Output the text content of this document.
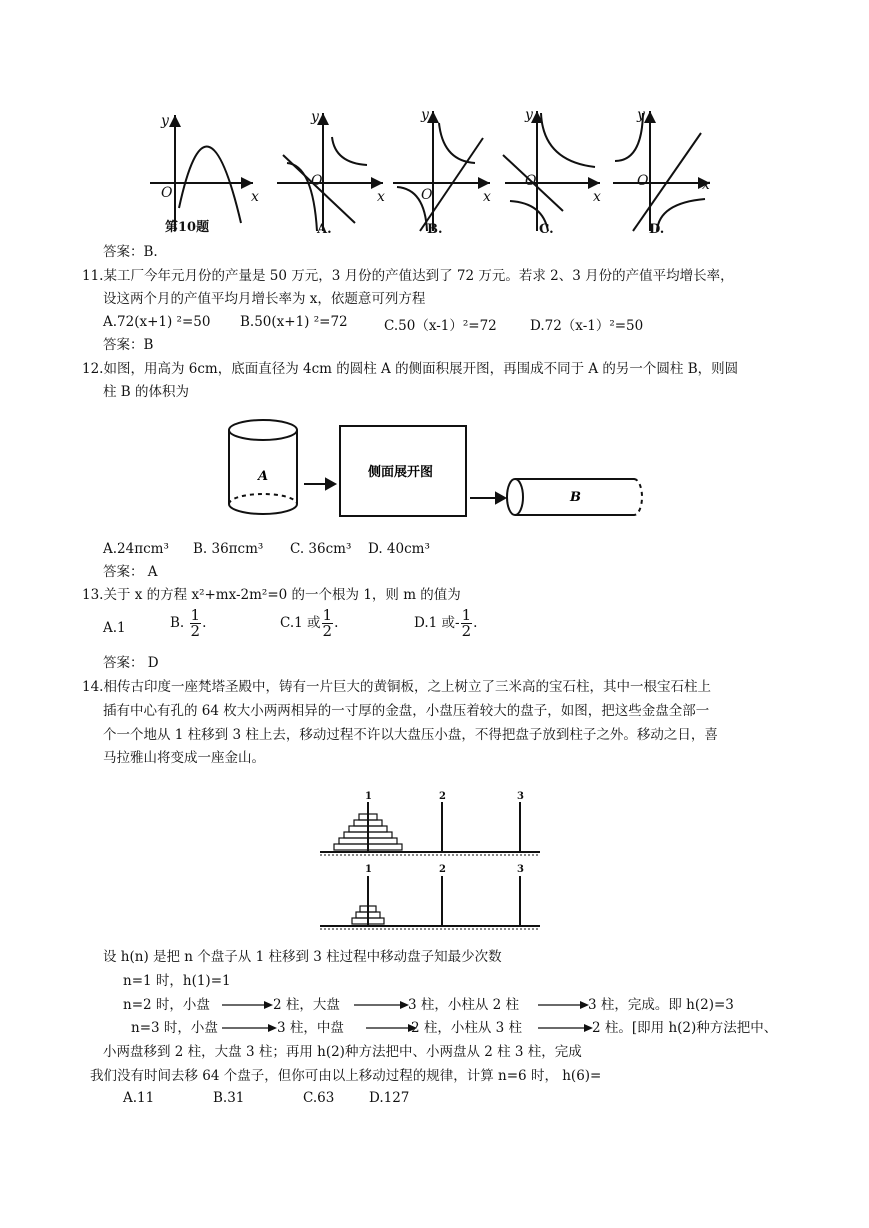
y
x
O
y
x
O
y
x
O
y
x
O
y
x
O
第10题	A.	B.	C.	D.
答案：B.
11.某工厂今年元月份的产量是 50 万元，3 月份的产值达到了 72 万元。若求 2、3 月份的产值平均增长率，
设这两个月的产值平均月增长率为 x，依题意可列方程
A.72(x+1) ²=50 B.50(x+1) ²=72	C.50（x-1）²=72 D.72（x-1）²=50
答案：B
12.如图，用高为 6cm，底面直径为 4cm 的圆柱 A 的侧面积展开图，再围成不同于 A 的另一个圆柱 B，则圆
柱 B 的体积为
A	侧面展开图
B
A.24πcm³ B. 36πcm³ C. 36cm³ D. 40cm³
答案： A
13.关于 x 的方程 x²+mx-2m²=0 的一个根为 1，则 m 的值为
A.1	B. $\frac{1}{2}$ .	C.1 或 $\frac{1}{2}$ .	D.1 或- $\frac{1}{2}$ .
答案： D
14.相传古印度一座梵塔圣殿中，铸有一片巨大的黄铜板，之上树立了三米高的宝石柱，其中一根宝石柱上
插有中心有孔的 64 枚大小两两相异的一寸厚的金盘，小盘压着较大的盘子，如图，把这些金盘全部一
个一个地从 1 柱移到 3 柱上去，移动过程不许以大盘压小盘，不得把盘子放到柱子之外。移动之日，喜
马拉雅山将变成一座金山。
1	2	3
1	2	3
设 h(n) 是把 n 个盘子从 1 柱移到 3 柱过程中移动盘子知最少次数
n=1 时，h(1)=1
n=2 时，小盘	2 柱，大盘	3 柱，小柱从 2 柱	3 柱，完成。即 h(2)=3
n=3 时，小盘	3 柱，中盘	2 柱，小柱从 3 柱	2 柱。[即用 h(2)种方法把中、
小两盘移到 2 柱，大盘 3 柱；再用 h(2)种方法把中、小两盘从 2 柱 3 柱，完成
我们没有时间去移 64 个盘子，但你可由以上移动过程的规律，计算 n=6 时， h(6)=
A.11	B.31	C.63	D.127
